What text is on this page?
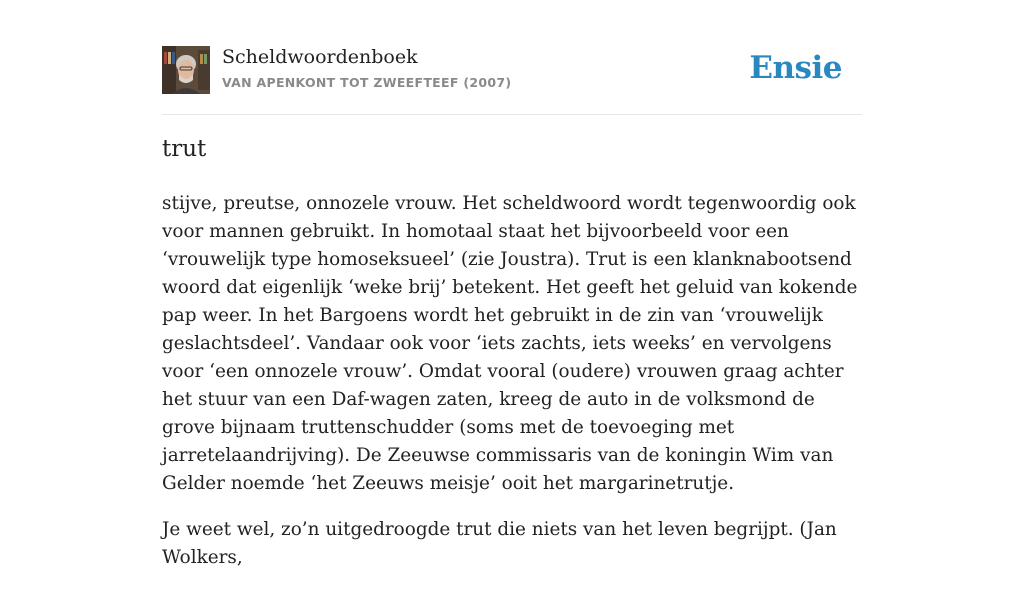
Scheldwoordenboek
VAN APENKONT TOT ZWEEFTEEF (2007)	Ensie
trut

stijve, preutse, onnozele vrouw. Het scheldwoord wordt tegenwoordig ook voor mannen gebruikt. In homotaal staat het bijvoorbeeld voor een ‘vrouwelijk type homoseksueel’ (zie Joustra). Trut is een klanknabootsend woord dat eigenlijk ‘weke brij’ betekent. Het geeft het geluid van kokende pap weer. In het Bargoens wordt het gebruikt in de zin van ‘vrouwelijk geslachtsdeel’. Vandaar ook voor ‘iets zachts, iets weeks’ en vervolgens voor ‘een onnozele vrouw’. Omdat vooral (oudere) vrouwen graag achter het stuur van een Daf-wagen zaten, kreeg de auto in de volksmond de grove bijnaam truttenschudder (soms met de toevoeging met jarretelaandrijving). De Zeeuwse commissaris van de koningin Wim van Gelder noemde ‘het Zeeuws meisje’ ooit het margarinetrutje.

Je weet wel, zo’n uitgedroogde trut die niets van het leven begrijpt. (Jan Wolkers,
